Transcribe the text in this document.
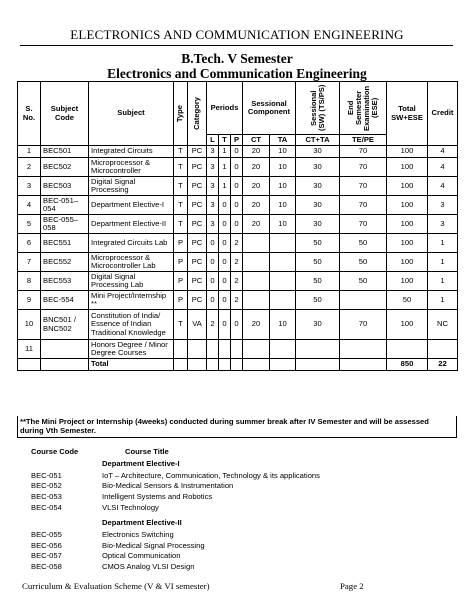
ELECTRONICS AND COMMUNICATION ENGINEERING
B.Tech. V Semester
Electronics and Communication Engineering
S. No.	Subject Code	Subject	Type	Category	Periods			Sessional Component		Sessional (SW) (TS/PS)	End Semester Examination (ESE)	Total SW+ESE	Credit
					L	T	P	CT	TA	CT+TA	TE/PE		
1	BEC501	Integrated Circuits	T	PC	3	1	0	20	10	30	70	100	4
2	BEC502	Microprocessor & Microcontroller	T	PC	3	1	0	20	10	30	70	100	4
3	BEC503	Digital Signal Processing	T	PC	3	1	0	20	10	30	70	100	4
4	BEC-051–054	Department Elective-I	T	PC	3	0	0	20	10	30	70	100	3
5	BEC-055–058	Department Elective-II	T	PC	3	0	0	20	10	30	70	100	3
6	BEC551	Integrated Circuits Lab	P	PC	0	0	2			50	50	100	1
7	BEC552	Microprocessor & Microcontroller Lab	P	PC	0	0	2			50	50	100	1
8	BEC553	Digital Signal Processing Lab	P	PC	0	0	2			50	50	100	1
9	BEC-554	Mini Project/Internship **	P	PC	0	0	2			50		50	1
10	BNC501 / BNC502	Constitution of India/ Essence of Indian Traditional Knowledge	T	VA	2	0	0	20	10	30	70	100	NC
11		Honors Degree / Minor Degree Courses											
		Total										850	22
**The Mini Project or Internship (4weeks) conducted during summer break after IV Semester and will be assessed during Vth Semester.
Course Code	Course Title
Department Elective-I
BEC-051	IoT – Architecture, Communication, Technology & its applications
BEC-052	Bio-Medical Sensors & Instrumentation
BEC-053	Intelligent Systems and Robotics
BEC-054	VLSI Technology
Department Elective-II
BEC-055	Electronics Switching
BEC-056	Bio-Medical Signal Processing
BEC-057	Optical Communication
BEC-058	CMOS Analog VLSI Design
Curriculum & Evaluation Scheme (V & VI semester)	Page 2
